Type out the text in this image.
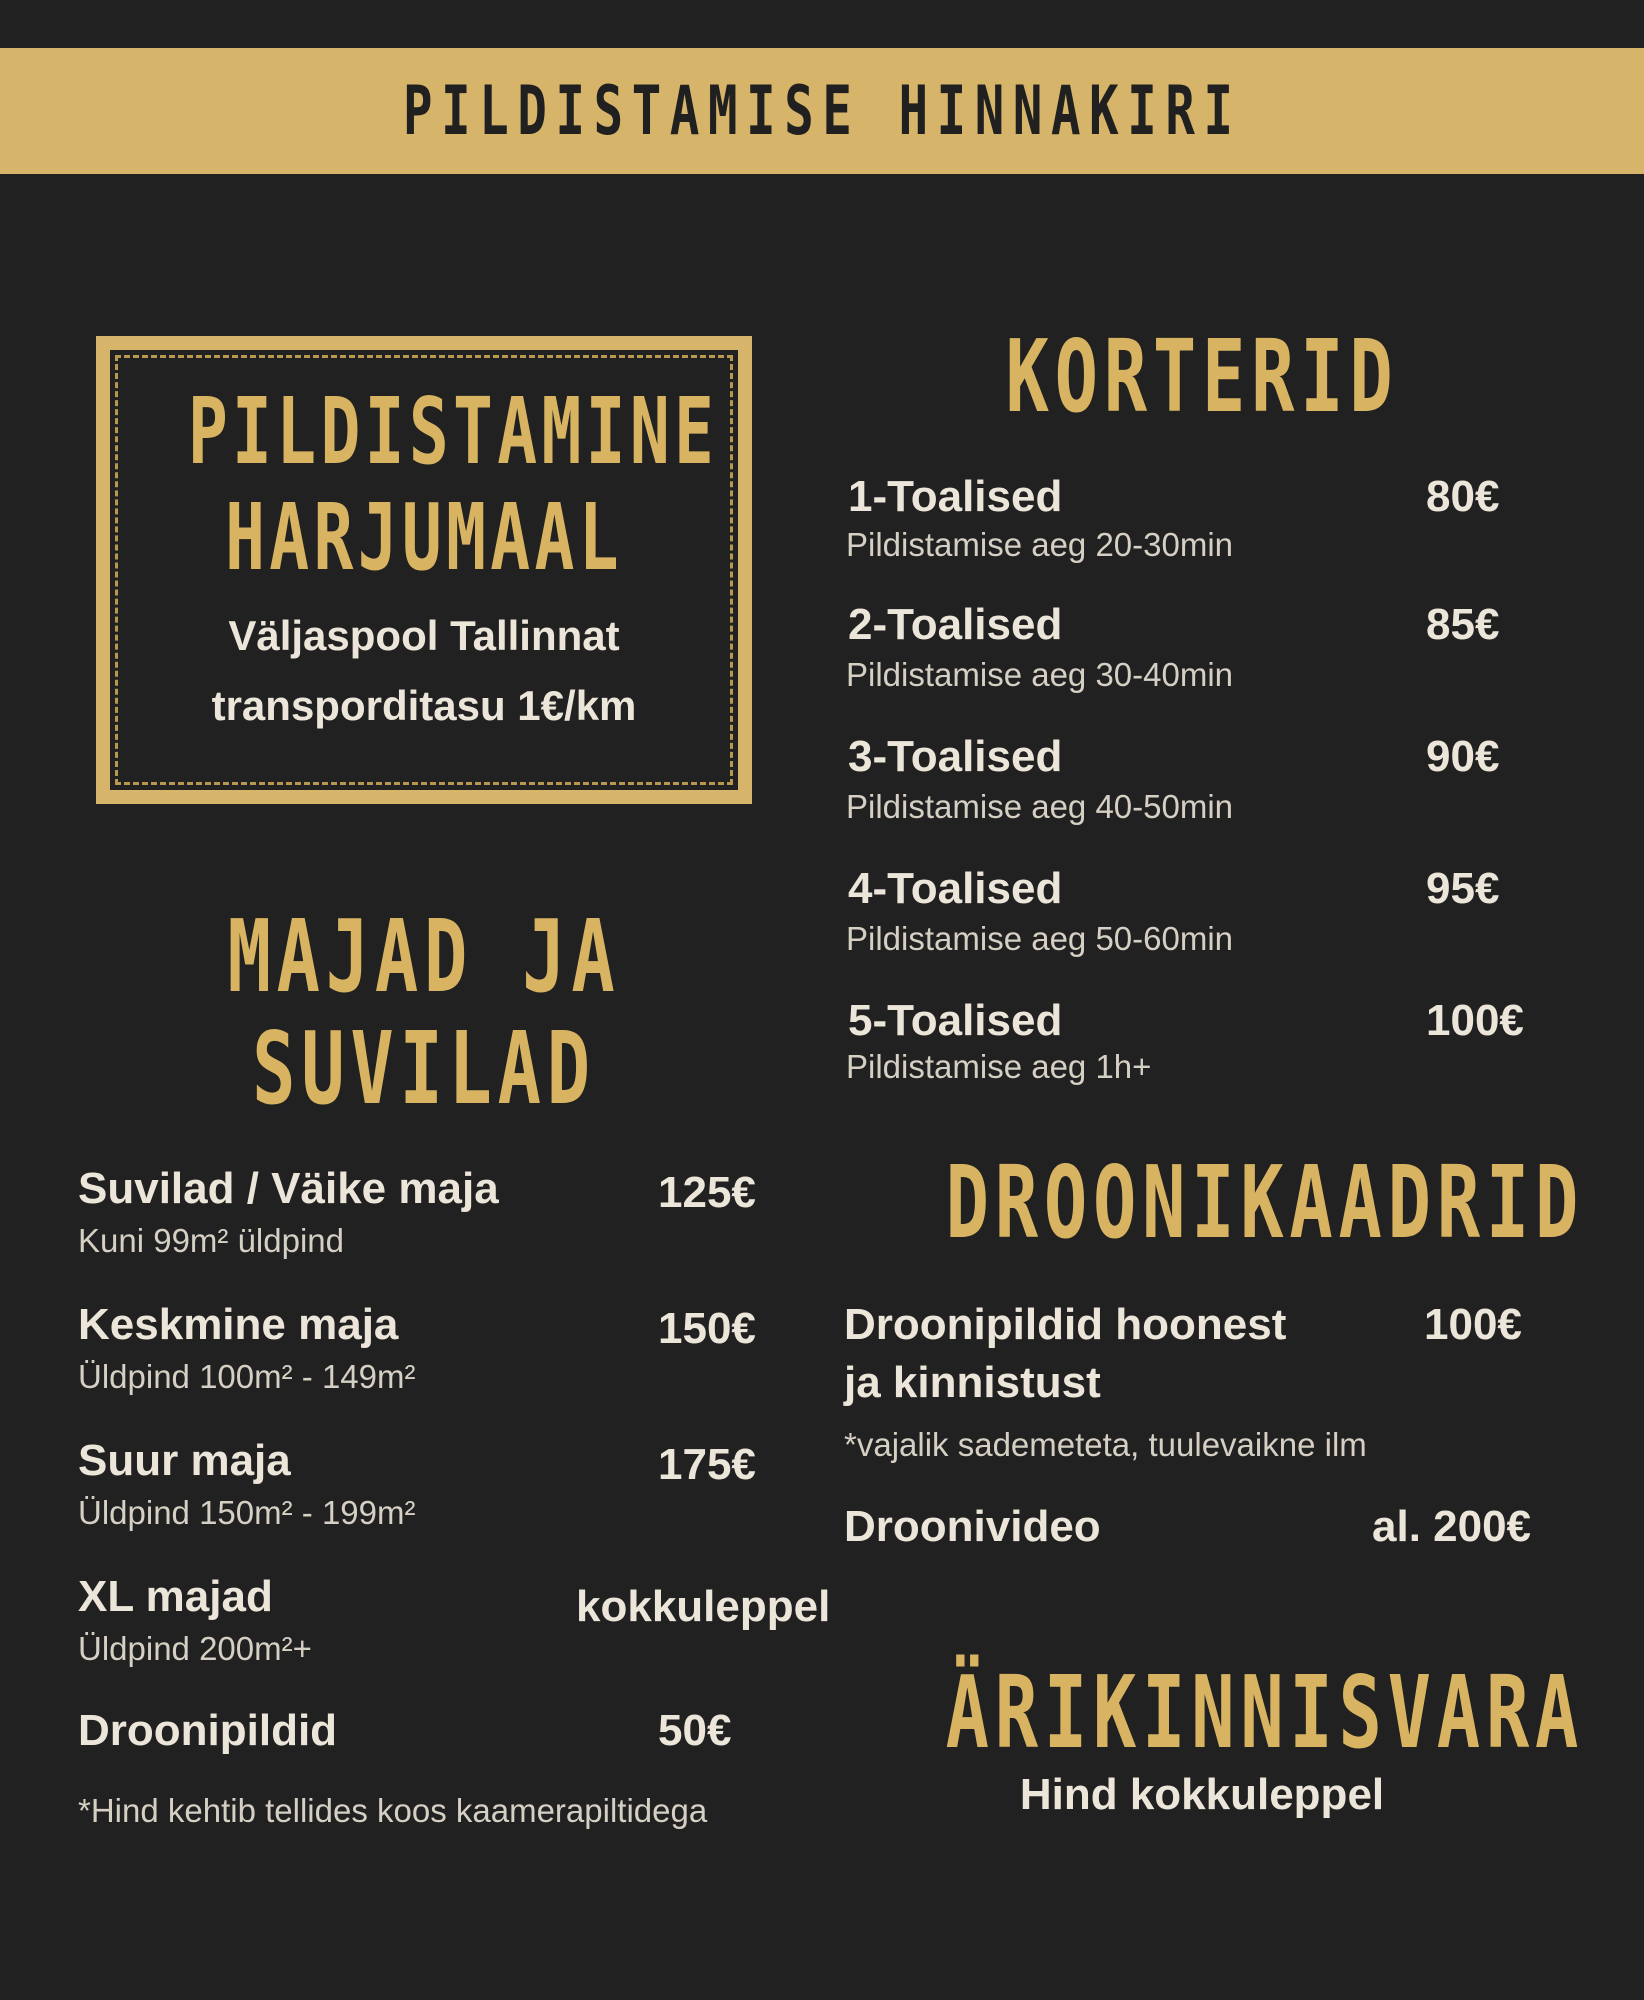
PILDISTAMISE HINNAKIRI
PILDISTAMINE
HARJUMAAL
Väljaspool Tallinnat
transporditasu 1€/km
MAJAD JA
SUVILAD
Suvilad / Väike maja
Kuni 99m² üldpind
125€
Keskmine maja
Üldpind 100m² - 149m²
150€
Suur maja
Üldpind 150m² - 199m²
175€
XL majad
Üldpind 200m²+
kokkuleppel
Droonipildid	50€
*Hind kehtib tellides koos kaamerapiltidega
KORTERID
1-Toalised
Pildistamise aeg 20-30min
80€
2-Toalised
Pildistamise aeg 30-40min
85€
3-Toalised
Pildistamise aeg 40-50min
90€
4-Toalised
Pildistamise aeg 50-60min
95€
5-Toalised
Pildistamise aeg 1h+
100€
DROONIKAADRID
Droonipildid hoonest
ja kinnistust
100€
*vajalik sademeteta, tuulevaikne ilm
Droonivideo	al. 200€
ÄRIKINNISVARA
Hind kokkuleppel
